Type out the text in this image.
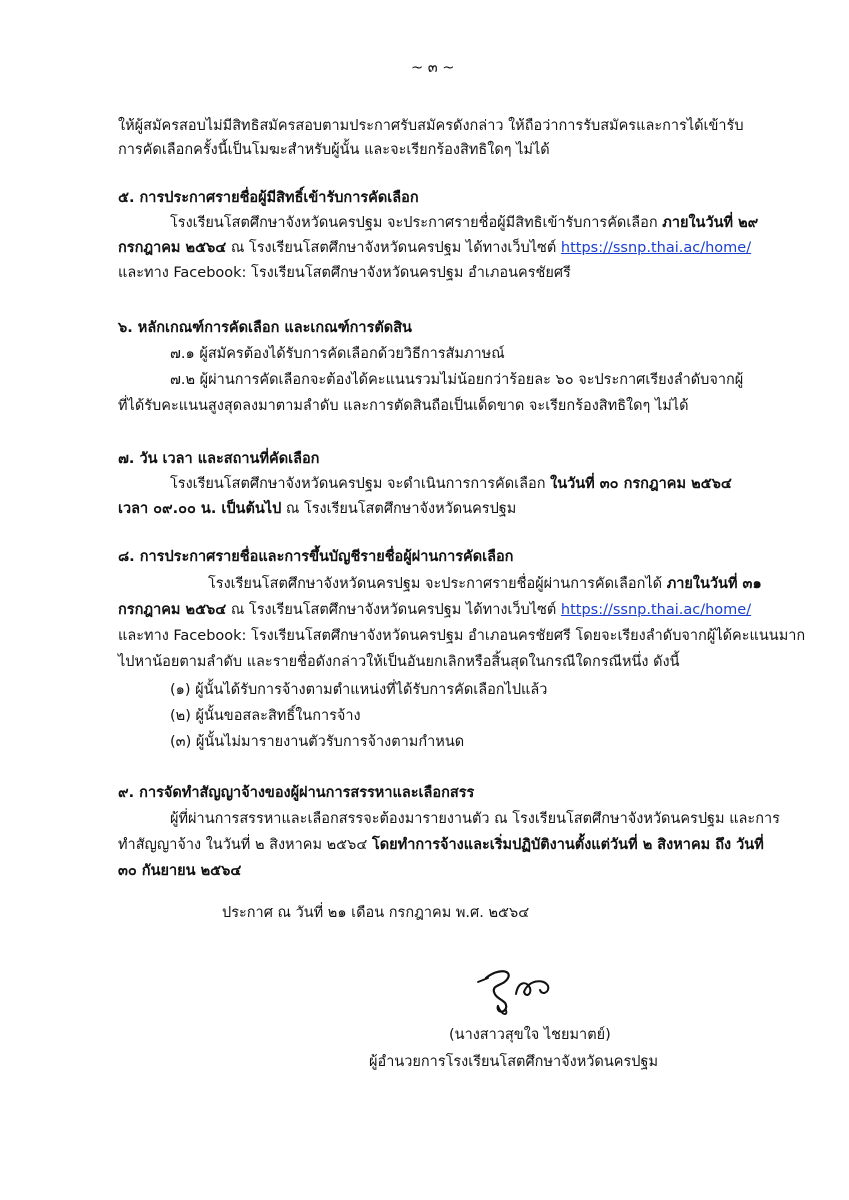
~ ๓ ~
ให้ผู้สมัครสอบไม่มีสิทธิสมัครสอบตามประกาศรับสมัครดังกล่าว ให้ถือว่าการรับสมัครและการได้เข้ารับ
การคัดเลือกครั้งนี้เป็นโมฆะสำหรับผู้นั้น และจะเรียกร้องสิทธิใดๆ ไม่ได้
๕. การประกาศรายชื่อผู้มีสิทธิ์เข้ารับการคัดเลือก
โรงเรียนโสตศึกษาจังหวัดนครปฐม จะประกาศรายชื่อผู้มีสิทธิเข้ารับการคัดเลือก ภายในวันที่ ๒๙
กรกฎาคม ๒๕๖๔ ณ โรงเรียนโสตศึกษาจังหวัดนครปฐม ได้ทางเว็บไซต์ https://ssnp.thai.ac/home/
และทาง Facebook: โรงเรียนโสตศึกษาจังหวัดนครปฐม อำเภอนครชัยศรี
๖. หลักเกณฑ์การคัดเลือก และเกณฑ์การตัดสิน
๗.๑ ผู้สมัครต้องได้รับการคัดเลือกด้วยวิธีการสัมภาษณ์
๗.๒ ผู้ผ่านการคัดเลือกจะต้องได้คะแนนรวมไม่น้อยกว่าร้อยละ ๖๐ จะประกาศเรียงลำดับจากผู้
ที่ได้รับคะแนนสูงสุดลงมาตามลำดับ และการตัดสินถือเป็นเด็ดขาด จะเรียกร้องสิทธิใดๆ ไม่ได้
๗. วัน เวลา และสถานที่คัดเลือก
โรงเรียนโสตศึกษาจังหวัดนครปฐม จะดำเนินการการคัดเลือก ในวันที่ ๓๐ กรกฎาคม ๒๕๖๔
เวลา ๐๙.๐๐ น. เป็นต้นไป ณ โรงเรียนโสตศึกษาจังหวัดนครปฐม
๘. การประกาศรายชื่อและการขึ้นบัญชีรายชื่อผู้ผ่านการคัดเลือก
โรงเรียนโสตศึกษาจังหวัดนครปฐม จะประกาศรายชื่อผู้ผ่านการคัดเลือกได้ ภายในวันที่ ๓๑
กรกฎาคม ๒๕๖๔ ณ โรงเรียนโสตศึกษาจังหวัดนครปฐม ได้ทางเว็บไซต์ https://ssnp.thai.ac/home/
และทาง Facebook: โรงเรียนโสตศึกษาจังหวัดนครปฐม อำเภอนครชัยศรี โดยจะเรียงลำดับจากผู้ได้คะแนนมาก
ไปหาน้อยตามลำดับ และรายชื่อดังกล่าวให้เป็นอันยกเลิกหรือสิ้นสุดในกรณีใดกรณีหนึ่ง ดังนี้
(๑) ผู้นั้นได้รับการจ้างตามตำแหน่งที่ได้รับการคัดเลือกไปแล้ว
(๒) ผู้นั้นขอสละสิทธิ์ในการจ้าง
(๓) ผู้นั้นไม่มารายงานตัวรับการจ้างตามกำหนด
๙. การจัดทำสัญญาจ้างของผู้ผ่านการสรรหาและเลือกสรร
ผู้ที่ผ่านการสรรหาและเลือกสรรจะต้องมารายงานตัว ณ โรงเรียนโสตศึกษาจังหวัดนครปฐม และการ
ทำสัญญาจ้าง ในวันที่ ๒ สิงหาคม ๒๕๖๔ โดยทำการจ้างและเริ่มปฏิบัติงานตั้งแต่วันที่ ๒ สิงหาคม ถึง วันที่
๓๐ กันยายน ๒๕๖๔
ประกาศ ณ วันที่ ๒๑ เดือน กรกฎาคม พ.ศ. ๒๕๖๔
(นางสาวสุขใจ ไชยมาตย์)
ผู้อำนวยการโรงเรียนโสตศึกษาจังหวัดนครปฐม
